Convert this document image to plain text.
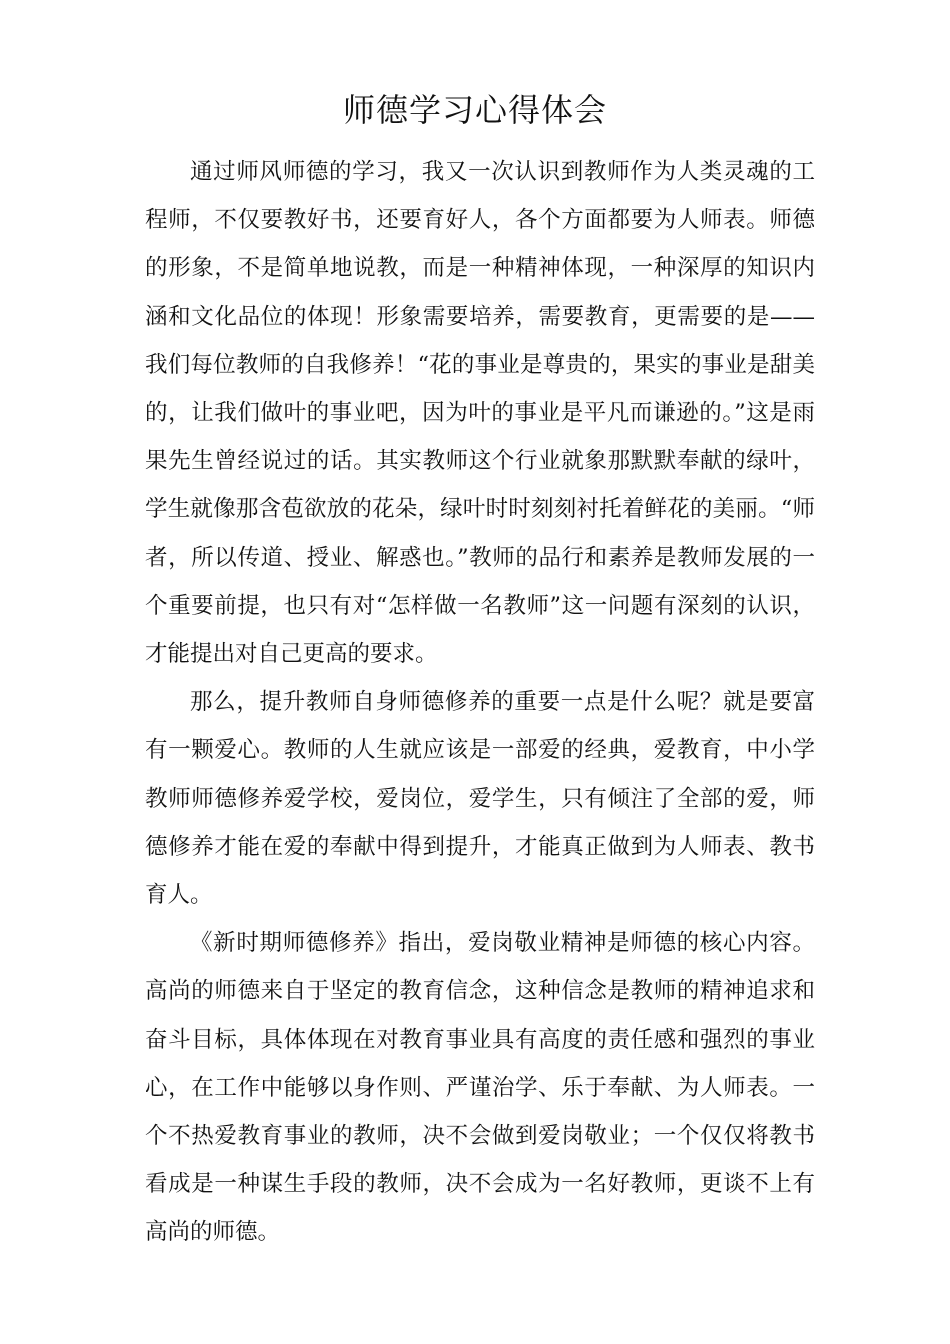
师德学习心得体会

通过师风师德的学习，我又一次认识到教师作为人类灵魂的工程师，不仅要教好书，还要育好人，各个方面都要为人师表。师德的形象，不是简单地说教，而是一种精神体现，一种深厚的知识内涵和文化品位的体现！形象需要培养，需要教育，更需要的是——我们每位教师的自我修养！“花的事业是尊贵的，果实的事业是甜美的，让我们做叶的事业吧，因为叶的事业是平凡而谦逊的。”这是雨果先生曾经说过的话。其实教师这个行业就象那默默奉献的绿叶，学生就像那含苞欲放的花朵，绿叶时时刻刻衬托着鲜花的美丽。“师者，所以传道、授业、解惑也。”教师的品行和素养是教师发展的一个重要前提，也只有对“怎样做一名教师”这一问题有深刻的认识，才能提出对自己更高的要求。

那么，提升教师自身师德修养的重要一点是什么呢？就是要富有一颗爱心。教师的人生就应该是一部爱的经典，爱教育，中小学教师师德修养爱学校，爱岗位，爱学生，只有倾注了全部的爱，师德修养才能在爱的奉献中得到提升，才能真正做到为人师表、教书育人。

《新时期师德修养》指出，爱岗敬业精神是师德的核心内容。高尚的师德来自于坚定的教育信念，这种信念是教师的精神追求和奋斗目标，具体体现在对教育事业具有高度的责任感和强烈的事业心，在工作中能够以身作则、严谨治学、乐于奉献、为人师表。一个不热爱教育事业的教师，决不会做到爱岗敬业；一个仅仅将教书看成是一种谋生手段的教师，决不会成为一名好教师，更谈不上有高尚的师德。
